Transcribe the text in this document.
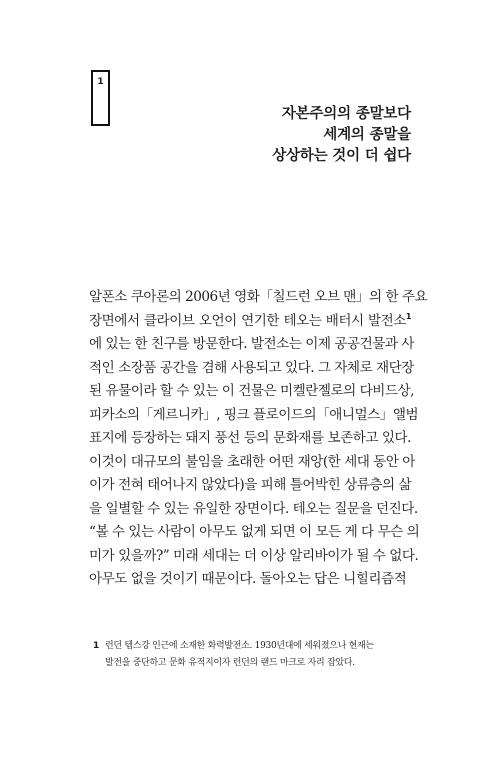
1
자본주의의 종말보다
세계의 종말을
상상하는 것이 더 쉽다
알폰소 쿠아론의 2006년 영화「칠드런 오브 맨」의 한 주요
장면에서 클라이브 오언이 연기한 테오는 배터시 발전소$^1$
에 있는 한 친구를 방문한다. 발전소는 이제 공공건물과 사
적인 소장품 공간을 겸해 사용되고 있다. 그 자체로 재단장
된 유물이라 할 수 있는 이 건물은 미켈란젤로의 다비드상,
피카소의「게르니카」, 핑크 플로이드의「애니멀스」앨범
표지에 등장하는 돼지 풍선 등의 문화재를 보존하고 있다.
이것이 대규모의 불임을 초래한 어떤 재앙(한 세대 동안 아
이가 전혀 태어나지 않았다)을 피해 틀어박힌 상류층의 삶
을 일별할 수 있는 유일한 장면이다. 테오는 질문을 던진다.
“볼 수 있는 사람이 아무도 없게 되면 이 모든 게 다 무슨 의
미가 있을까?” 미래 세대는 더 이상 알리바이가 될 수 없다.
아무도 없을 것이기 때문이다. 돌아오는 답은 니힐리즘적
1 런던 템스강 인근에 소재한 화력발전소. 1930년대에 세워졌으나 현재는
발전을 중단하고 문화 유적지이자 런던의 랜드 마크로 자리 잡았다.
